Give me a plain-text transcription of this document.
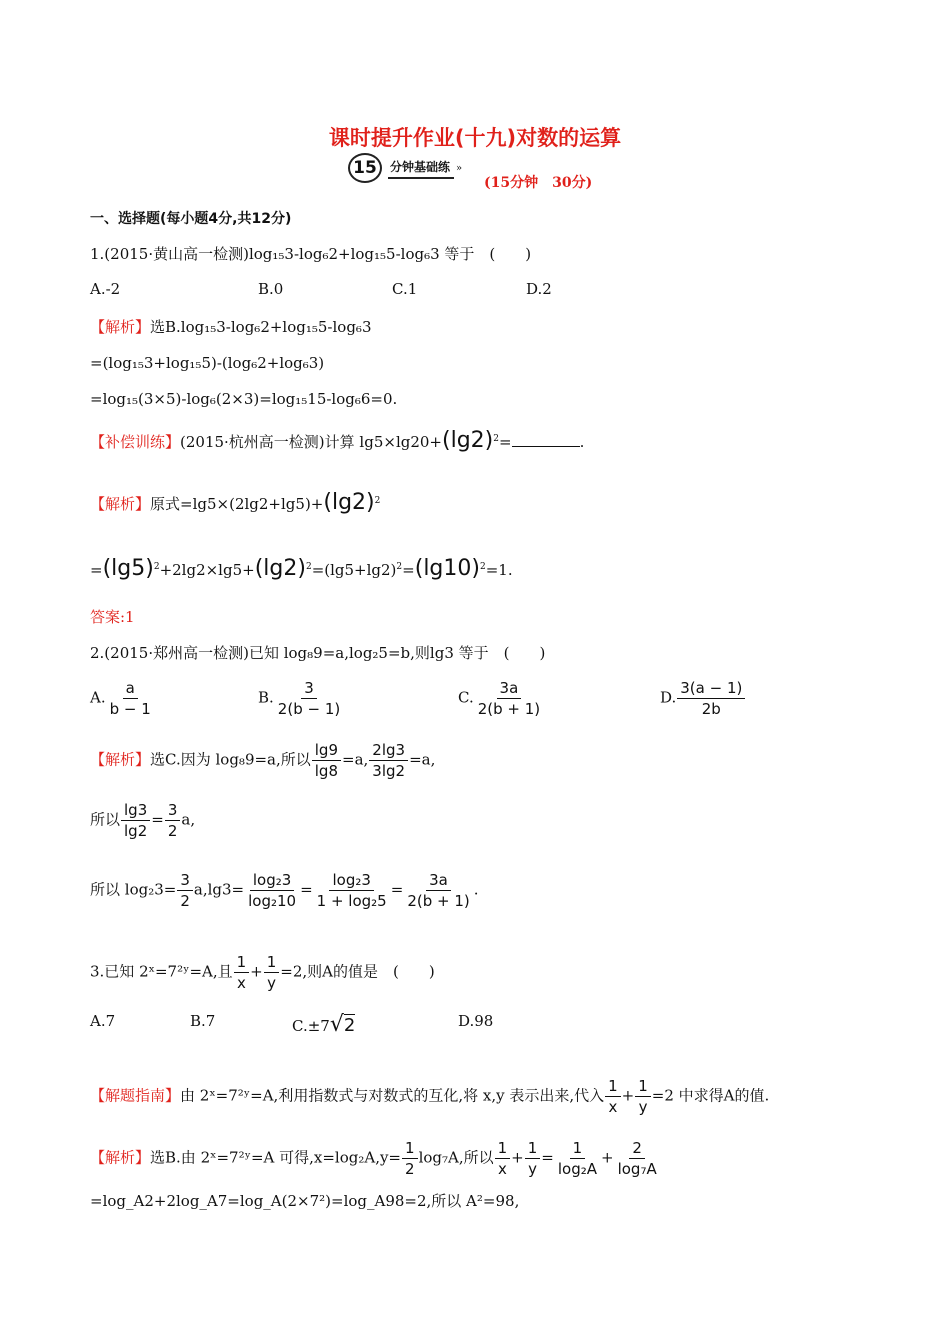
课时提升作业(十九)对数的运算
15	分钟基础练 »
(15分钟　30分)
一、选择题(每小题4分,共12分)
1.(2015·黄山高一检测)log₁₅3-log₆2+log₁₅5-log₆3 等于　(　　)
A.-2	B.0	C.1	D.2
【解析】选B.log₁₅3-log₆2+log₁₅5-log₆3
=(log₁₅3+log₁₅5)-(log₆2+log₆3)
=log₁₅(3×5)-log₆(2×3)=log₁₅15-log₆6=0.
【补偿训练】(2015·杭州高一检测)计算 $\lg 5\times\lg 20+(\lg 2)^2=$	.
【解析】原式$=\lg 5\times(2\lg 2+\lg 5)+(\lg 2)^2$
$=(\lg 5)^2+2\lg 2\times\lg 5+(\lg 2)^2=(\lg 5+\lg 2)^2=(\lg 10)^2=1$.
答案:1
2.(2015·郑州高一检测)已知 log₈9=a,log₂5=b,则lg3 等于　(　　)
A. $\frac{a}{b - 1}$	B. $\frac{3}{2(b - 1)}$	C. $\frac{3a}{2(b + 1)}$	D. $\frac{3(a - 1)}{2b}$
【解析】选C.因为 log₈9=a,所以 $\frac{\lg 9}{\lg 8} =a$, $\frac{2\lg 3}{3\lg 2} =a$,
所以 $\frac{\lg 3}{\lg 2} = \frac{3}{2} a$,
所以 $\log_23= \frac{3}{2} a,\lg 3= \frac{\text{log₂3}}{\text{log₂10}} = \frac{\text{log₂3}}{\text{1 + log₂5}} = \frac{3a}{2(b + 1)}$ .
3.已知 2ˣ=7²ʸ=A,且 $\frac{1}{x} + \frac{1}{y} =2$,则A的值是　(　　)
A.7	B.7	C.±7√2	D.98
【解题指南】由 2ˣ=7²ʸ=A,利用指数式与对数式的互化,将 x,y 表示出来,代入 $\frac{1}{x} + \frac{1}{y} =2$ 中求得A的值.
【解析】选B.由 2ˣ=7²ʸ=A 可得$,x=\log_2A,y= \frac{1}{2} \log_7A$,所以 $\frac{1}{x} + \frac{1}{y} = \frac{1}{\text{log₂A}} + \frac{2}{\text{log₇A}}$
=log_A2+2log_A7=log_A(2×7²)=log_A98=2,所以 A²=98,
